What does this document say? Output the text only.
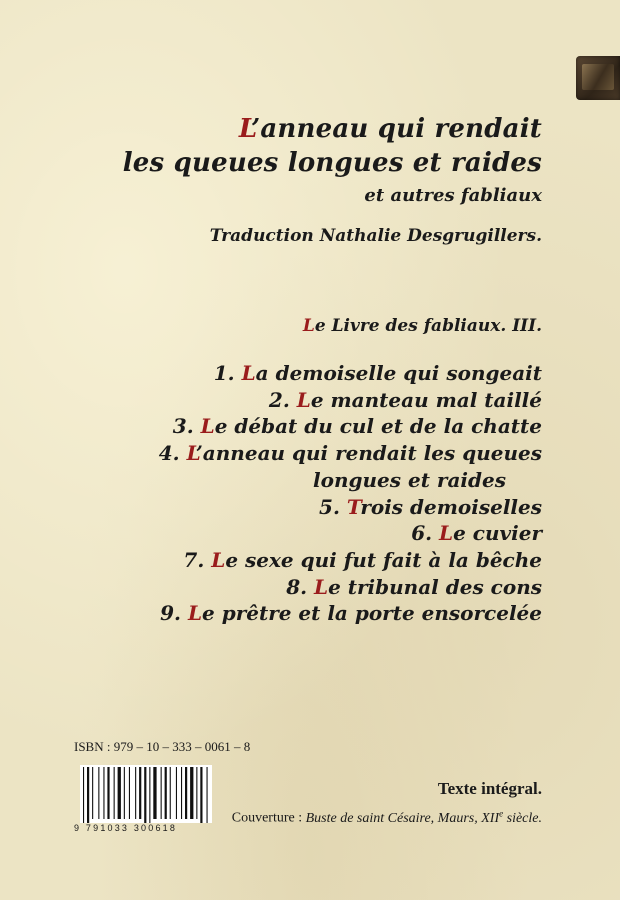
L’anneau qui rendait
les queues longues et raides
et autres fabliaux
Traduction Nathalie Desgrugillers.
Le Livre des fabliaux. III.
1. La demoiselle qui songeait
2. Le manteau mal taillé
3. Le débat du cul et de la chatte
4. L’anneau qui rendait les queues
longues et raides
5. Trois demoiselles
6. Le cuvier
7. Le sexe qui fut fait à la bêche
8. Le tribunal des cons
9. Le prêtre et la porte ensorcelée
ISBN : 979 – 10 – 333 – 0061 – 8
9 791033 300618
Texte intégral.
Couverture : Buste de saint Césaire, Maurs, XIIe siècle.
